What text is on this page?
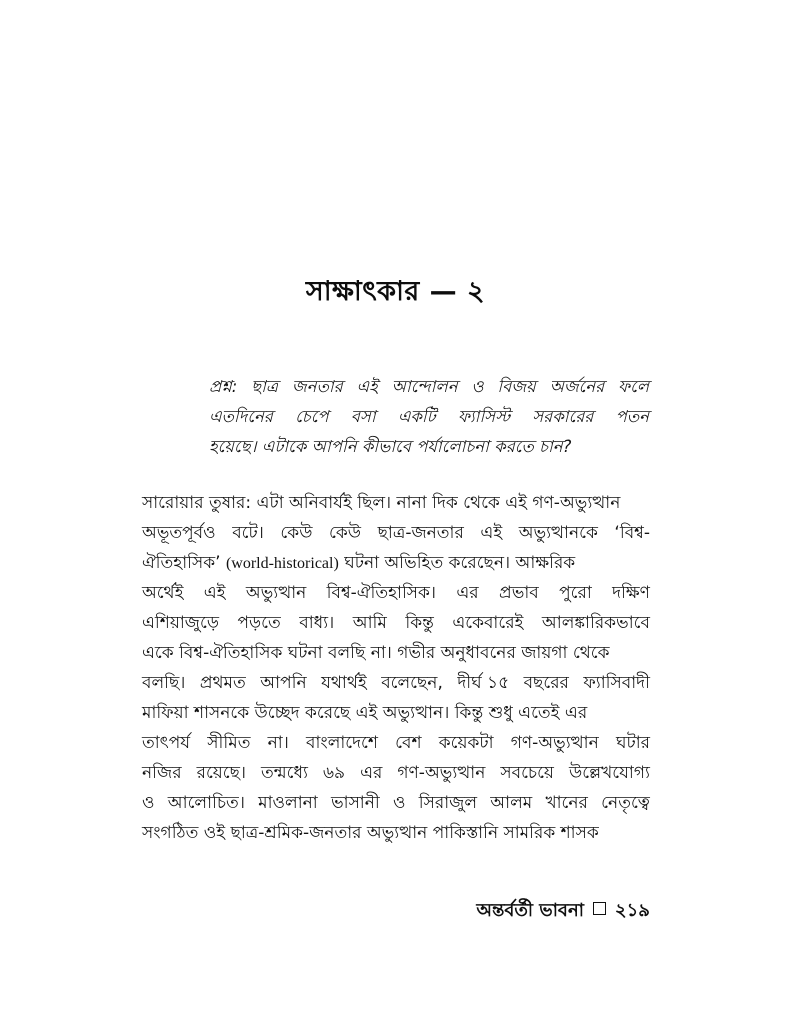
সাক্ষাৎকার — ২
প্রশ্ন: ছাত্র জনতার এই আন্দোলন ও বিজয় অর্জনের ফলে
এতদিনের চেপে বসা একটি ফ্যাসিস্ট সরকারের পতন
হয়েছে। এটাকে আপনি কীভাবে পর্যালোচনা করতে চান?
সারোয়ার তুষার: এটা অনিবার্যই ছিল। নানা দিক থেকে এই গণ-অভ্যুত্থান
অভূতপূর্বও বটে। কেউ কেউ ছাত্র-জনতার এই অভ্যুত্থানকে ‘বিশ্ব-
ঐতিহাসিক’ (world-historical) ঘটনা অভিহিত করেছেন। আক্ষরিক
অর্থেই এই অভ্যুত্থান বিশ্ব-ঐতিহাসিক। এর প্রভাব পুরো দক্ষিণ
এশিয়াজুড়ে পড়তে বাধ্য। আমি কিন্তু একেবারেই আলঙ্কারিকভাবে
একে বিশ্ব-ঐতিহাসিক ঘটনা বলছি না। গভীর অনুধাবনের জায়গা থেকে
বলছি। প্রথমত আপনি যথার্থই বলেছেন, দীর্ঘ ১৫ বছরের ফ্যাসিবাদী
মাফিয়া শাসনকে উচ্ছেদ করেছে এই অভ্যুত্থান। কিন্তু শুধু এতেই এর
তাৎপর্য সীমিত না। বাংলাদেশে বেশ কয়েকটা গণ-অভ্যুত্থান ঘটার
নজির রয়েছে। তন্মধ্যে ৬৯ এর গণ-অভ্যুত্থান সবচেয়ে উল্লেখযোগ্য
ও আলোচিত। মাওলানা ভাসানী ও সিরাজুল আলম খানের নেতৃত্বে
সংগঠিত ওই ছাত্র-শ্রমিক-জনতার অভ্যুত্থান পাকিস্তানি সামরিক শাসক
অন্তর্বর্তী ভাবনা ২১৯
